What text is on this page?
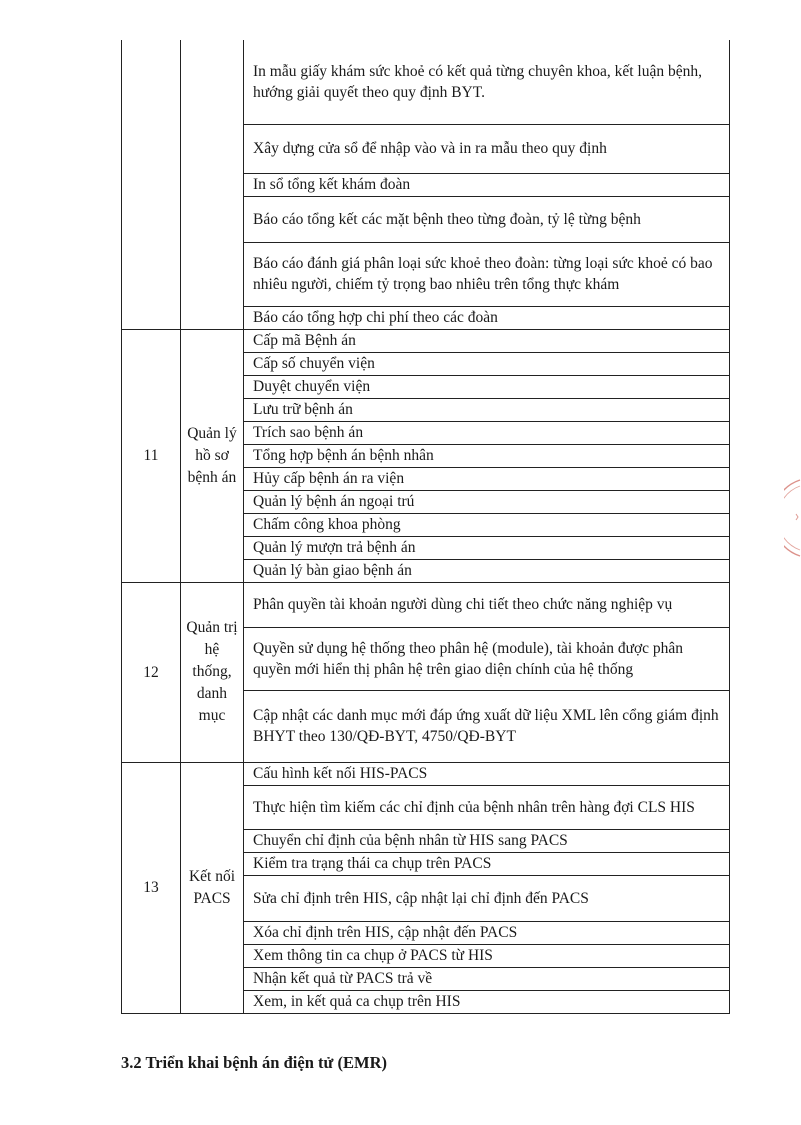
		In mẫu giấy khám sức khoẻ có kết quả từng chuyên khoa, kết luận bệnh, hướng giải quyết theo quy định BYT.
		Xây dựng cửa sổ để nhập vào và in ra mẫu theo quy định
		In sổ tổng kết khám đoàn
		Báo cáo tổng kết các mặt bệnh theo từng đoàn, tỷ lệ từng bệnh
		Báo cáo đánh giá phân loại sức khoẻ theo đoàn: từng loại sức khoẻ có bao nhiêu người, chiếm tỷ trọng bao nhiêu trên tổng thực khám
		Báo cáo tổng hợp chi phí theo các đoàn
11	Quản lý hồ sơ bệnh án	Cấp mã Bệnh án
		Cấp số chuyển viện
		Duyệt chuyển viện
		Lưu trữ bệnh án
		Trích sao bệnh án
		Tổng hợp bệnh án bệnh nhân
		Hủy cấp bệnh án ra viện
		Quản lý bệnh án ngoại trú
		Chấm công khoa phòng
		Quản lý mượn trả bệnh án
		Quản lý bàn giao bệnh án
12	Quản trị hệ thống, danh mục	Phân quyền tài khoản người dùng chi tiết theo chức năng nghiệp vụ
		Quyền sử dụng hệ thống theo phân hệ (module), tài khoản được phân quyền mới hiển thị phân hệ trên giao diện chính của hệ thống
		Cập nhật các danh mục mới đáp ứng xuất dữ liệu XML lên cổng giám định BHYT theo 130/QĐ-BYT, 4750/QĐ-BYT
13	Kết nối PACS	Cấu hình kết nối HIS-PACS
		Thực hiện tìm kiếm các chỉ định của bệnh nhân trên hàng đợi CLS HIS
		Chuyển chỉ định của bệnh nhân từ HIS sang PACS
		Kiểm tra trạng thái ca chụp trên PACS
		Sửa chỉ định trên HIS, cập nhật lại chỉ định đến PACS
		Xóa chỉ định trên HIS, cập nhật đến PACS
		Xem thông tin ca chụp ở PACS từ HIS
		Nhận kết quả từ PACS trả về
		Xem, in kết quả ca chụp trên HIS
3.2 Triển khai bệnh án điện tử (EMR)
